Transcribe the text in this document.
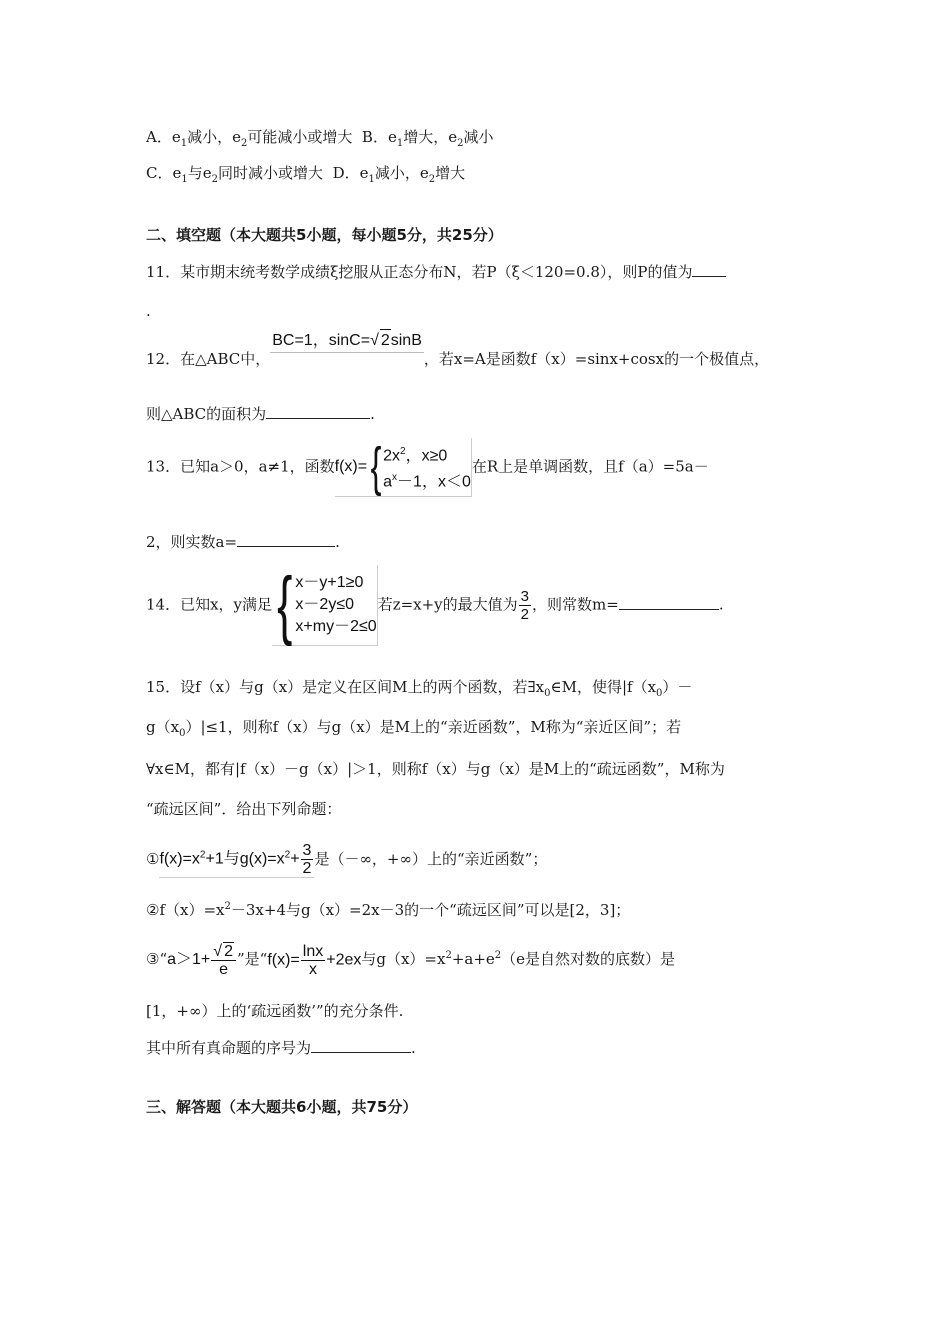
A．$e_1$减小，$e_2$可能减小或增大 B．$e_1$增大，$e_2$减小
C．$e_1$与$e_2$同时减小或增大 D．$e_1$减小，$e_2$增大
二、填空题（本大题共5小题，每小题5分，共25分）
11．某市期末统考数学成绩ξ挖服从正态分布N，若P（ξ＜120=0.8），则P的值为
.
12．在△ABC中，BC=1，sinC=√ 2sinB，若x=A是函数f（x）=sinx+cosx的一个极值点，
则△ABC的面积为	.
13．已知a＞0，a≠1，函数 f(x)= { $2x^2$，x≥0
$a^x-1$，x＜0
在R上是单调函数，且f（a）=5a－
2，则实数a=	.
14．已知x，y满足 { x－y+1≥0
x－2y≤0
x+my－2≤0
若z=x+y的最大值为 $\frac{3}{2}$ ，则常数m=	.
15．设f（x）与g（x）是定义在区间M上的两个函数，若$\exists x_0\in M$，使得$|f(x_0)-$
$g(x_0)|\le 1$，则称f（x）与g（x）是M上的“亲近函数”，M称为“亲近区间”；若
∀x∈M，都有|f（x）－g（x）|＞1，则称f（x）与g（x）是M上的“疏远函数”，M称为
“疏远区间”．给出下列命题：
$①f(x)=x^2+1$与$g(x)=x^2+ \frac{3}{2}$ 是（－∞，+∞）上的“亲近函数”；
$②f(x)=x^2-3x+4$与g（x）=2x－3的一个“疏远区间”可以是[2，3]；
③“a＞1+ $\frac{√ 2}{e}$ ”是“$f(x)= \frac{\ln x}{x} +2ex$与$g(x)=x^2+a+e^2(e$是自然对数的底数）是
[1，+∞）上的‘疏远函数’”的充分条件.
其中所有真命题的序号为	.
三、解答题（本大题共6小题，共75分）
